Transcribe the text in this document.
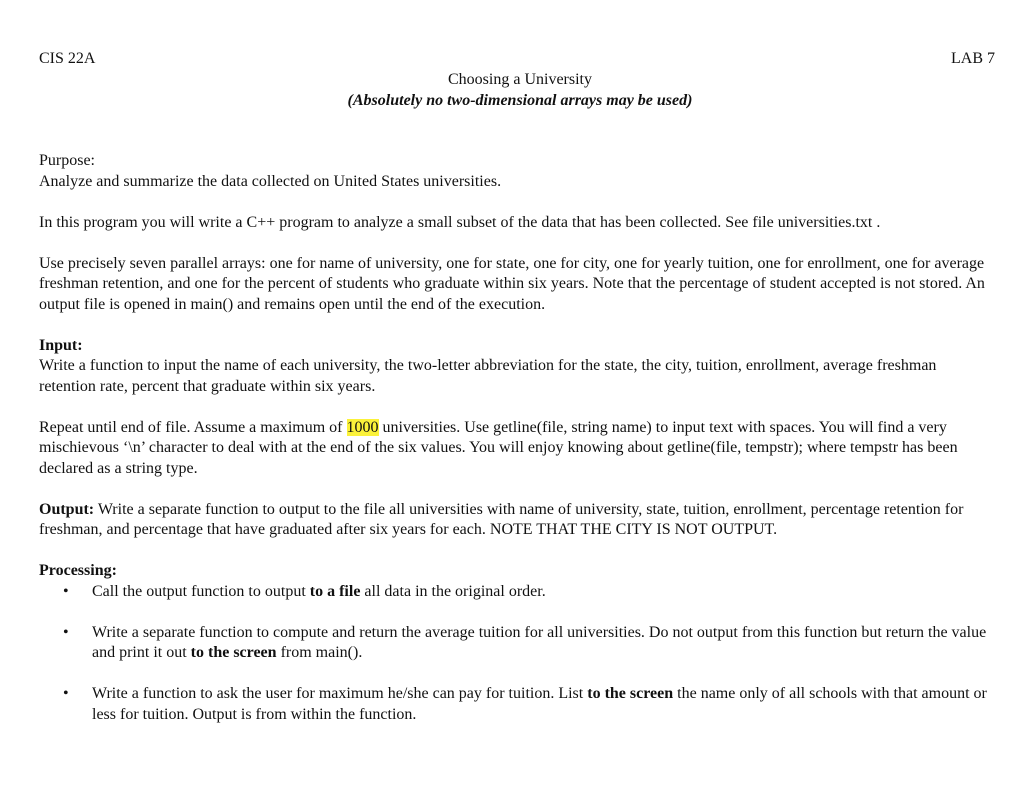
CIS 22A	LAB 7
Choosing a University
(Absolutely no two-dimensional arrays may be used)

Purpose:

Analyze and summarize the data collected on United States universities.

In this program you will write a C++ program to analyze a small subset of the data that has been collected. See file universities.txt .

Use precisely seven parallel arrays: one for name of university, one for state, one for city, one for yearly tuition, one for enrollment, one for average freshman retention, and one for the percent of students who graduate within six years. Note that the percentage of student accepted is not stored. An output file is opened in main() and remains open until the end of the execution.

Input:

Write a function to input the name of each university, the two-letter abbreviation for the state, the city, tuition, enrollment, average freshman retention rate, percent that graduate within six years.

Repeat until end of file. Assume a maximum of 1000 universities. Use getline(file, string name) to input text with spaces. You will find a very mischievous ‘\n’ character to deal with at the end of the six values. You will enjoy knowing about getline(file, tempstr); where tempstr has been declared as a string type.

Output: Write a separate function to output to the file all universities with name of university, state, tuition, enrollment, percentage retention for freshman, and percentage that have graduated after six years for each. NOTE THAT THE CITY IS NOT OUTPUT.

Processing:

• Call the output function to output to a file all data in the original order.
• Write a separate function to compute and return the average tuition for all universities. Do not output from this function but return the value and print it out to the screen from main().
• Write a function to ask the user for maximum he/she can pay for tuition. List to the screen the name only of all schools with that amount or less for tuition. Output is from within the function.
